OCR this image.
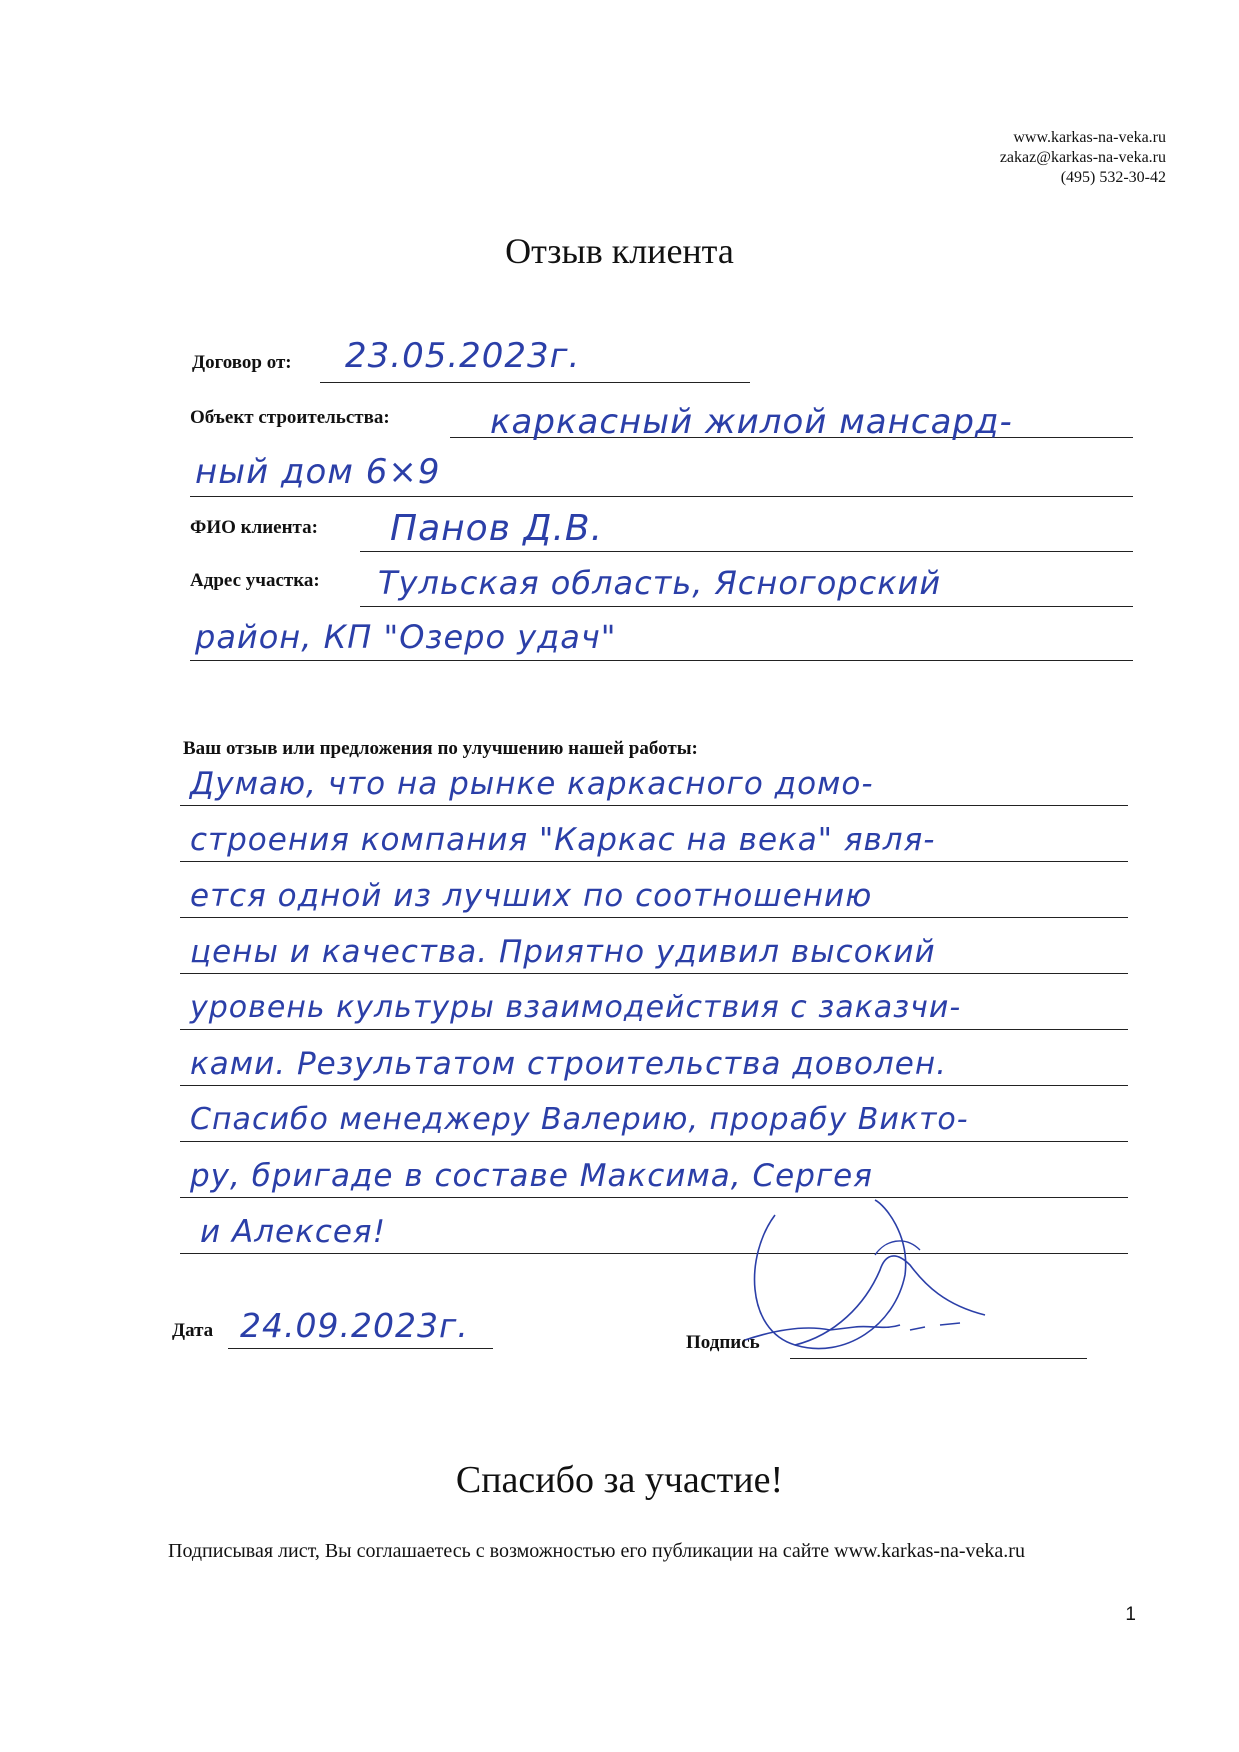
www.karkas-na-veka.ru
zakaz@karkas-na-veka.ru
(495) 532-30-42
Отзыв клиента
Договор от: 23.05.2023г.
Объект строительства:	каркасный жилой мансард-
ный дом 6×9
ФИО клиента: Панов Д.В.
Адрес участка: Тульская область, Ясногорский
район, КП "Озеро удач"
Ваш отзыв или предложения по улучшению нашей работы:
Думаю, что на рынке каркасного домо-
строения компания "Каркас на века" явля-
ется одной из лучших по соотношению
цены и качества. Приятно удивил высокий
уровень культуры взаимодействия с заказчи-
ками. Результатом строительства доволен.
Спасибо менеджеру Валерию, прорабу Викто-
ру, бригаде в составе Максима, Сергея
и Алексея!
Дата 24.09.2023г.	Подпись
Спасибо за участие!
Подписывая лист, Вы соглашаетесь с возможностью его публикации на сайте www.karkas-na-veka.ru
1
